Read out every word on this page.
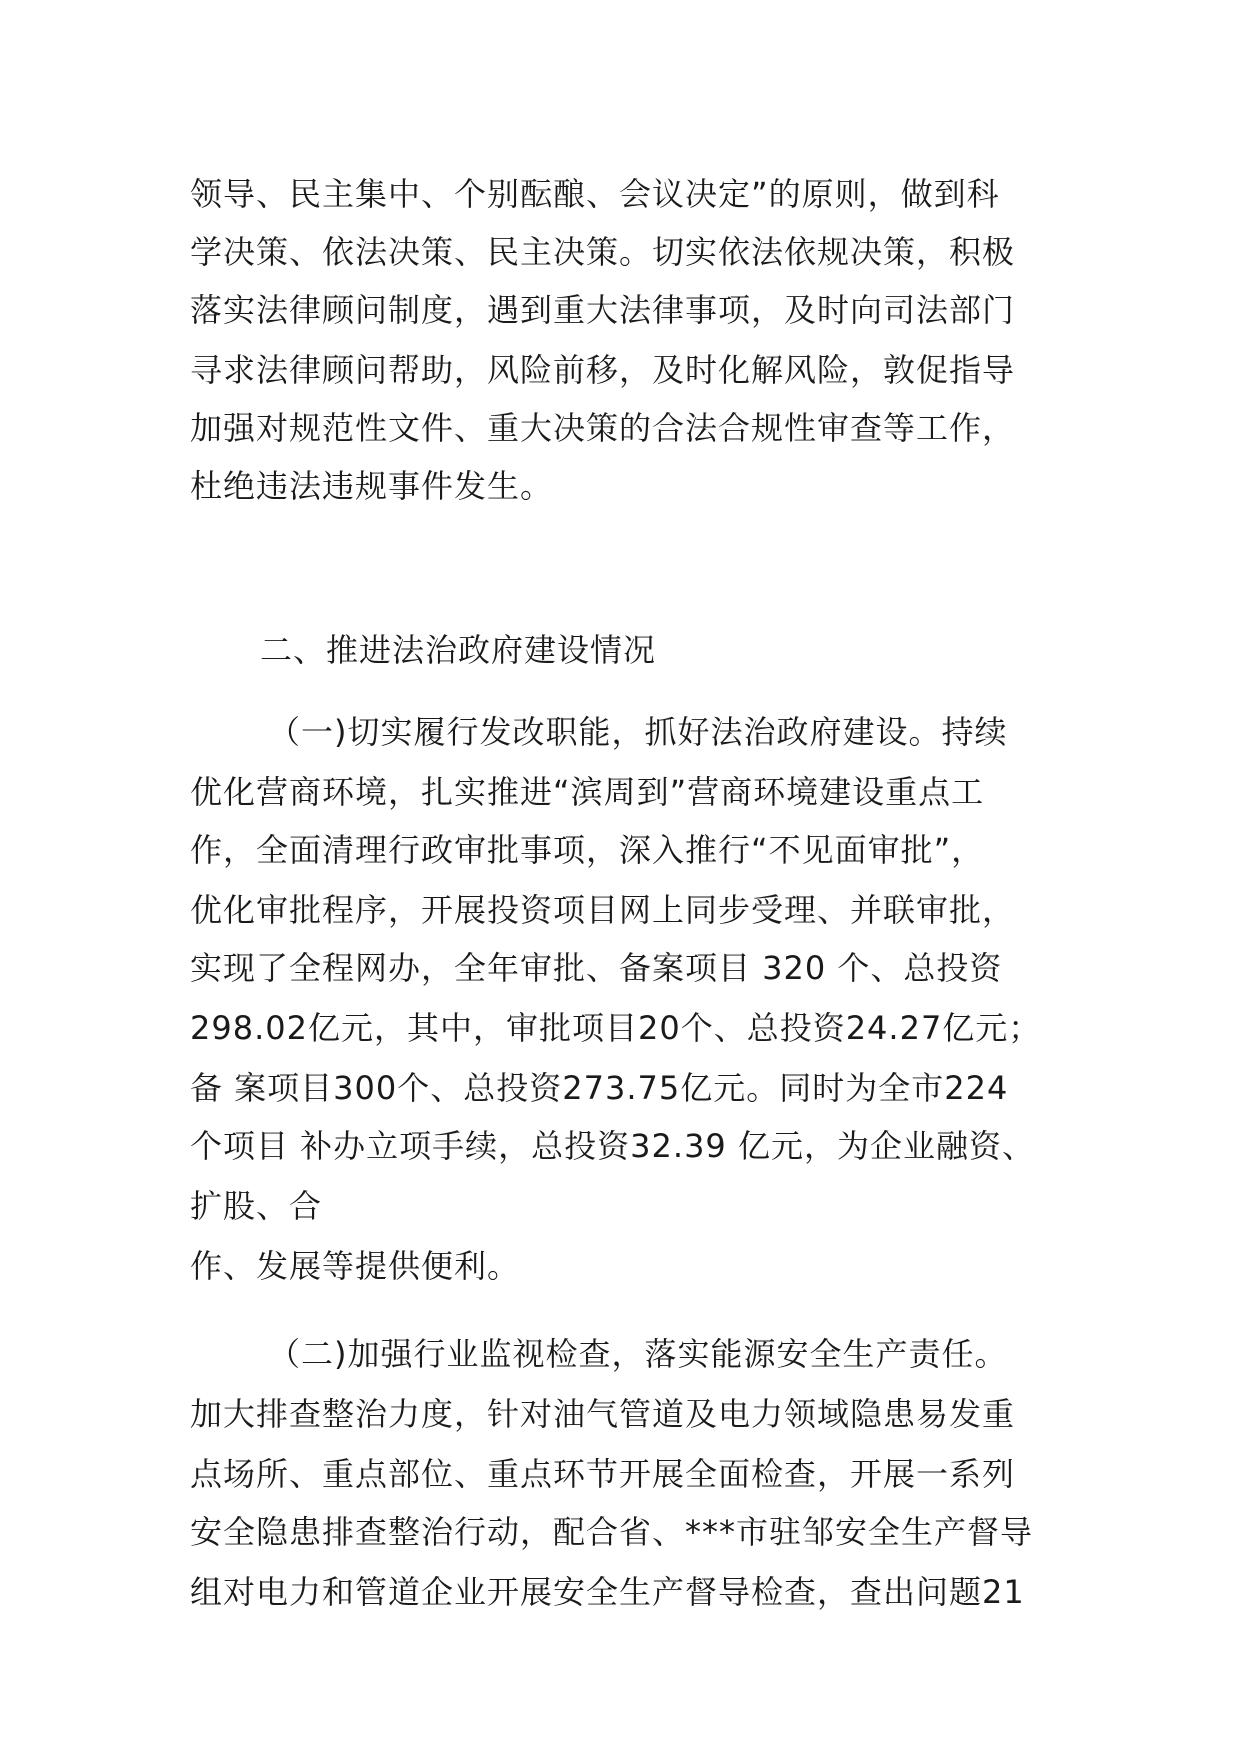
领导、民主集中、个别酝酿、会议决定”的原则，做到科
学决策、依法决策、民主决策。切实依法依规决策，积极
落实法律顾问制度，遇到重大法律事项，及时向司法部门
寻求法律顾问帮助，风险前移，及时化解风险，敦促指导
加强对规范性文件、重大决策的合法合规性审查等工作，
杜绝违法违规事件发生。
二、推进法治政府建设情况
（一)切实履行发改职能，抓好法治政府建设。持续
优化营商环境，扎实推进“滨周到”营商环境建设重点工
作，全面清理行政审批事项，深入推行“不见面审批”，
优化审批程序，开展投资项目网上同步受理、并联审批，
实现了全程网办，全年审批、备案项目 320 个、总投资
298.02亿元，其中，审批项目20个、总投资24.27亿元；
备 案项目300个、总投资273.75亿元。同时为全市224
个项目 补办立项手续，总投资32.39 亿元，为企业融资、
扩股、合
作、发展等提供便利。
（二)加强行业监视检查，落实能源安全生产责任。
加大排查整治力度，针对油气管道及电力领域隐患易发重
点场所、重点部位、重点环节开展全面检查，开展一系列
安全隐患排查整治行动，配合省、***市驻邹安全生产督导
组对电力和管道企业开展安全生产督导检查，查出问题21
